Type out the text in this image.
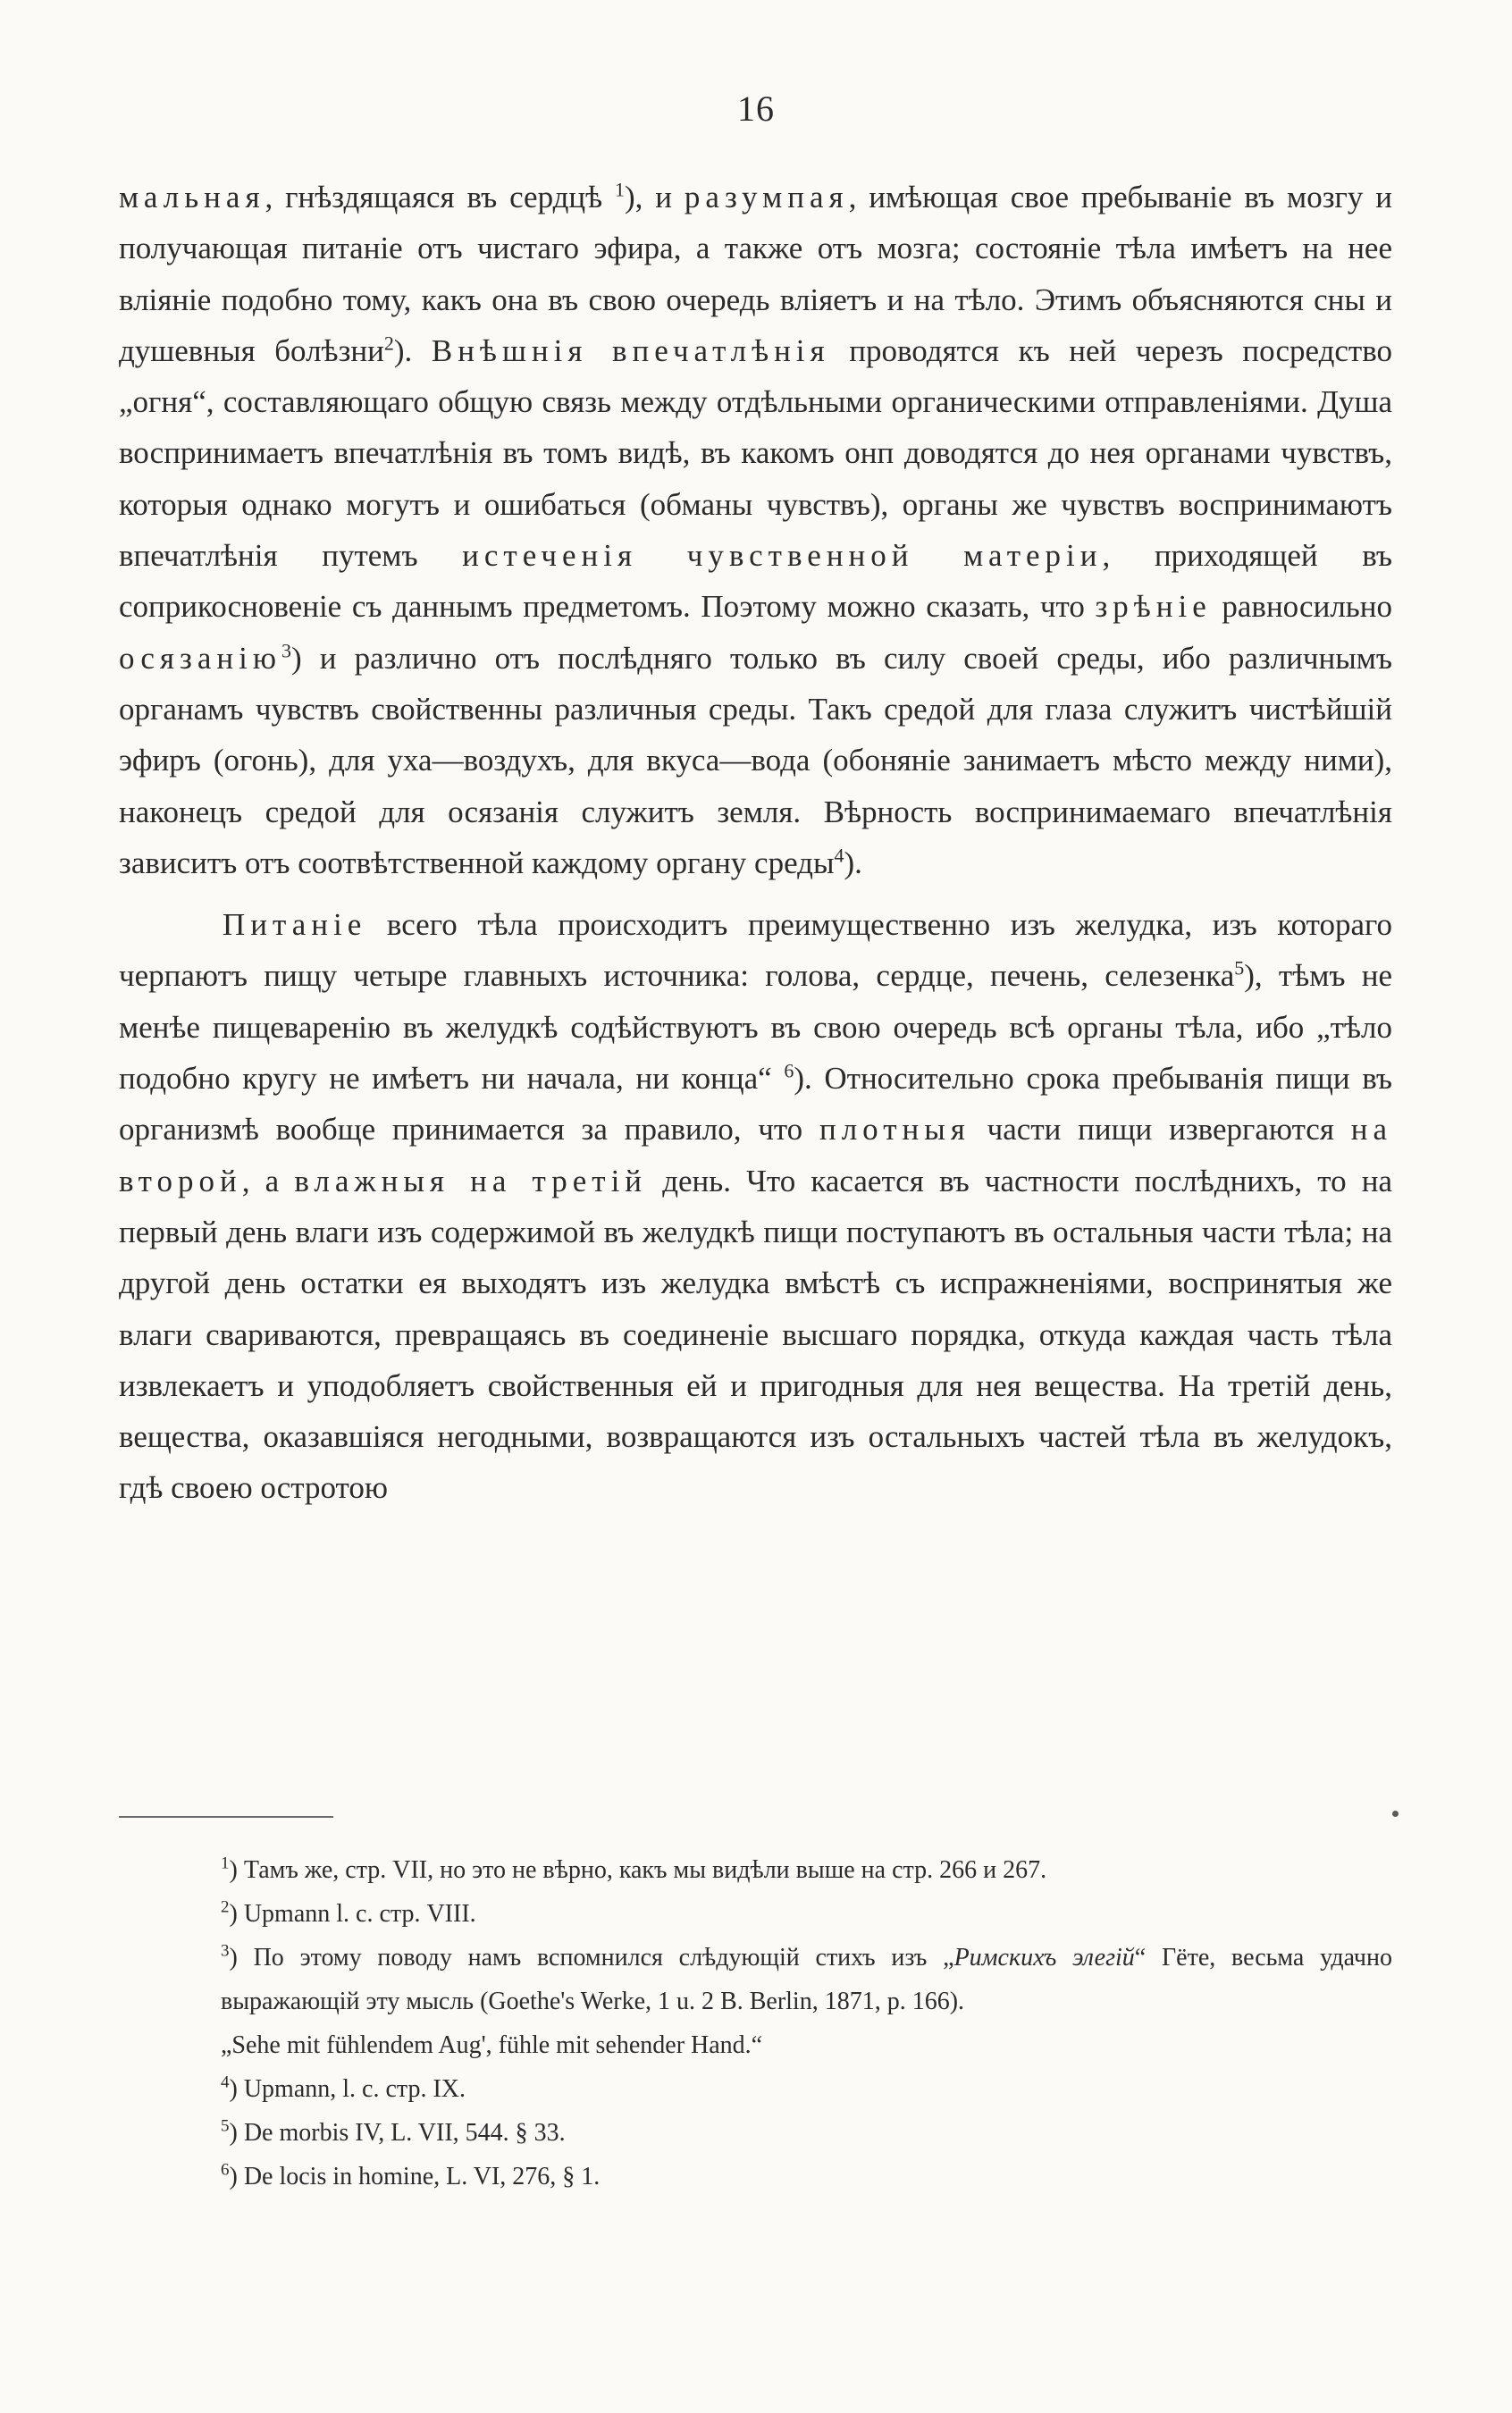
16

мальная, гнѣздящаяся въ сердцѣ $^1$), и разумпая, имѣющая свое пребываніе въ мозгу и получающая питаніе отъ чистаго эфира, а также отъ мозга; состояніе тѣла имѣетъ на нее вліяніе подобно тому, какъ она въ свою очередь вліяетъ и на тѣло. Этимъ объясняются сны и душевныя болѣзни$^2$). Внѣшнія впечатлѣнія проводятся къ ней черезъ посредство „огня“, составляющаго общую связь между отдѣльными органическими отправленіями. Душа воспринимаетъ впечатлѣнія въ томъ видѣ, въ какомъ онп доводятся до нея органами чувствъ, которыя однако могутъ и ошибаться (обманы чувствъ), органы же чувствъ воспринимаютъ впечатлѣнія путемъ истеченія чувственной матеріи, приходящей въ соприкосновеніе съ даннымъ предметомъ. Поэтому можно сказать, что зрѣніе равносильно осязанію$^3$) и различно отъ послѣдняго только въ силу своей среды, ибо различнымъ органамъ чувствъ свойственны различныя среды. Такъ средой для глаза служитъ чистѣйшій эфиръ (огонь), для уха—воздухъ, для вкуса—вода (обоняніе занимаетъ мѣсто между ними), наконецъ средой для осязанія служитъ земля. Вѣрность воспринимаемаго впечатлѣнія зависитъ отъ соотвѣтственной каждому органу среды$^4$).

Питаніе всего тѣла происходитъ преимущественно изъ желудка, изъ котораго черпаютъ пищу четыре главныхъ источника: голова, сердце, печень, селезенка$^5$), тѣмъ не менѣе пищеваренію въ желудкѣ содѣйствуютъ въ свою очередь всѣ органы тѣла, ибо „тѣло подобно кругу не имѣетъ ни начала, ни конца“ $^6$). Относительно срока пребыванія пищи въ организмѣ вообще принимается за правило, что плотныя части пищи извергаются на второй, а влажныя на третій день. Что касается въ частности послѣднихъ, то на первый день влаги изъ содержимой въ желудкѣ пищи поступаютъ въ остальныя части тѣла; на другой день остатки ея выходятъ изъ желудка вмѣстѣ съ испражненіями, воспринятыя же влаги свариваются, превращаясь въ соединеніе высшаго порядка, откуда каждая часть тѣла извлекаетъ и уподобляетъ свойственныя ей и пригодныя для нея вещества. На третій день, вещества, оказавшіяся негодными, возвращаются изъ остальныхъ частей тѣла въ желудокъ, гдѣ своею остротою

$^1$) Тамъ же, стр. VII, но это не вѣрно, какъ мы видѣли выше на стр. 266 и 267.
$^2$) Upmann l. c. стр. VIII.
$^3$) По этому поводу намъ вспомнился слѣдующій стихъ изъ „Римскихъ элегій“ Гёте, весьма удачно выражающій эту мысль (Goethe's Werke, 1 u. 2 B. Berlin, 1871, p. 166).
„Sehe mit fühlendem Aug', fühle mit sehender Hand.“
$^4$) Upmann, l. c. стр. IX.
$^5$) De morbis IV, L. VII, 544. § 33.
$^6$) De locis in homine, L. VI, 276, § 1.
